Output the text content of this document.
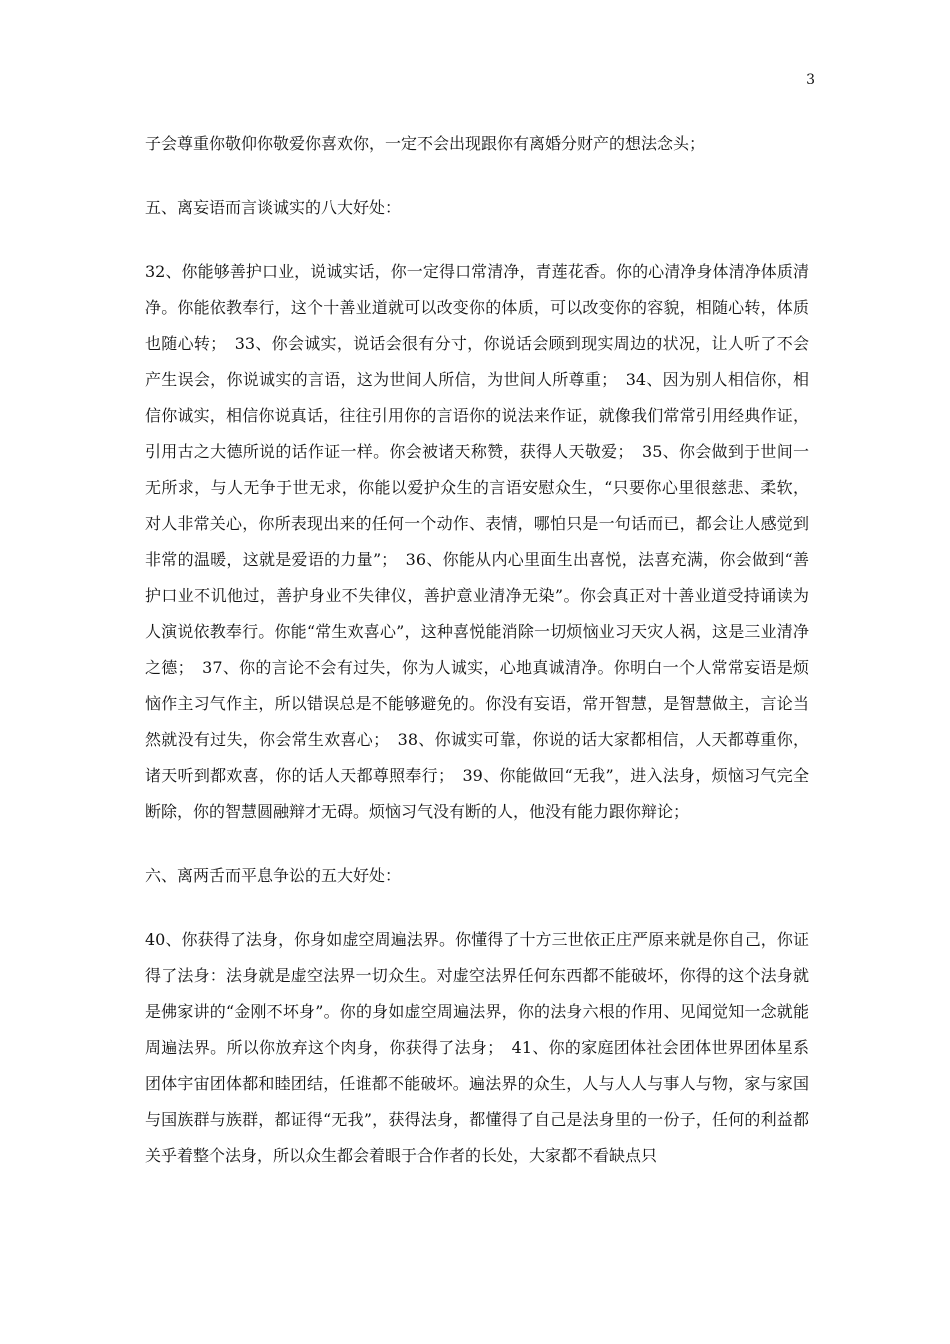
3

子会尊重你敬仰你敬爱你喜欢你，一定不会出现跟你有离婚分财产的想法念头；

五、离妄语而言谈诚实的八大好处：

32、你能够善护口业，说诚实话，你一定得口常清净，青莲花香。你的心清净身体清净体质清净。你能依教奉行，这个十善业道就可以改变你的体质，可以改变你的容貌，相随心转，体质也随心转；　33、你会诚实，说话会很有分寸，你说话会顾到现实周边的状况，让人听了不会产生误会，你说诚实的言语，这为世间人所信，为世间人所尊重；　34、因为别人相信你，相信你诚实，相信你说真话，往往引用你的言语你的说法来作证，就像我们常常引用经典作证，引用古之大德所说的话作证一样。你会被诸天称赞，获得人天敬爱；　35、你会做到于世间一无所求，与人无争于世无求，你能以爱护众生的言语安慰众生，“只要你心里很慈悲、柔软，对人非常关心，你所表现出来的任何一个动作、表情，哪怕只是一句话而已，都会让人感觉到非常的温暖，这就是爱语的力量”；　36、你能从内心里面生出喜悦，法喜充满，你会做到“善护口业不讥他过，善护身业不失律仪，善护意业清净无染”。你会真正对十善业道受持诵读为人演说依教奉行。你能“常生欢喜心”，这种喜悦能消除一切烦恼业习天灾人祸，这是三业清净之德；　37、你的言论不会有过失，你为人诚实，心地真诚清净。你明白一个人常常妄语是烦恼作主习气作主，所以错误总是不能够避免的。你没有妄语，常开智慧，是智慧做主，言论当然就没有过失，你会常生欢喜心；　38、你诚实可靠，你说的话大家都相信，人天都尊重你，诸天听到都欢喜，你的话人天都尊照奉行；　39、你能做回“无我”，进入法身，烦恼习气完全断除，你的智慧圆融辩才无碍。烦恼习气没有断的人，他没有能力跟你辩论；

六、离两舌而平息争讼的五大好处：

40、你获得了法身，你身如虚空周遍法界。你懂得了十方三世依正庄严原来就是你自己，你证得了法身：法身就是虚空法界一切众生。对虚空法界任何东西都不能破坏，你得的这个法身就是佛家讲的“金刚不坏身”。你的身如虚空周遍法界，你的法身六根的作用、见闻觉知一念就能周遍法界。所以你放弃这个肉身，你获得了法身；　41、你的家庭团体社会团体世界团体星系团体宇宙团体都和睦团结，任谁都不能破坏。遍法界的众生，人与人人与事人与物，家与家国与国族群与族群，都证得“无我”，获得法身，都懂得了自己是法身里的一份子，任何的利益都关乎着整个法身，所以众生都会着眼于合作者的长处，大家都不看缺点只
